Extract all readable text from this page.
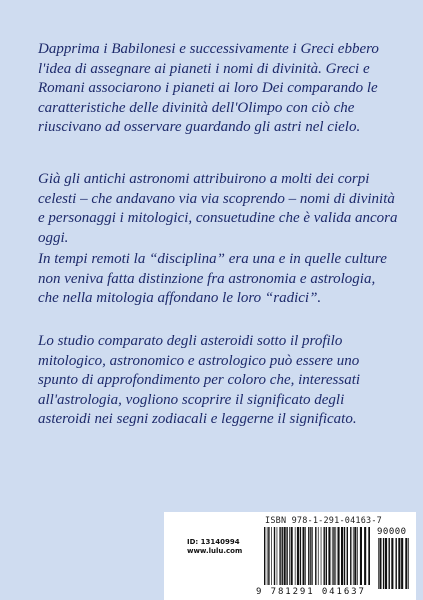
Dapprima i Babilonesi e successivamente i Greci ebbero l'idea di assegnare ai pianeti i nomi di divinità. Greci e Romani associarono i pianeti ai loro Dei comparando le caratteristiche delle divinità dell'Olimpo con ciò che riuscivano ad osservare guardando gli astri nel cielo.

Già gli antichi astronomi attribuirono a molti dei corpi celesti – che andavano via via scoprendo – nomi di divinità e personaggi i mitologici, consuetudine che è valida ancora oggi.

In tempi remoti la “disciplina” era una e in quelle culture non veniva fatta distinzione fra astronomia e astrologia, che nella mitologia affondano le loro “radici”.

Lo studio comparato degli asteroidi sotto il profilo mitologico, astronomico e astrologico può essere uno spunto di approfondimento per coloro che, interessati all'astrologia, vogliono scoprire il significato degli asteroidi nei segni zodiacali e leggerne il significato.

ISBN 978-1-291-04163-7
ID: 13140994
www.lulu.com
90000
9 781291 041637
